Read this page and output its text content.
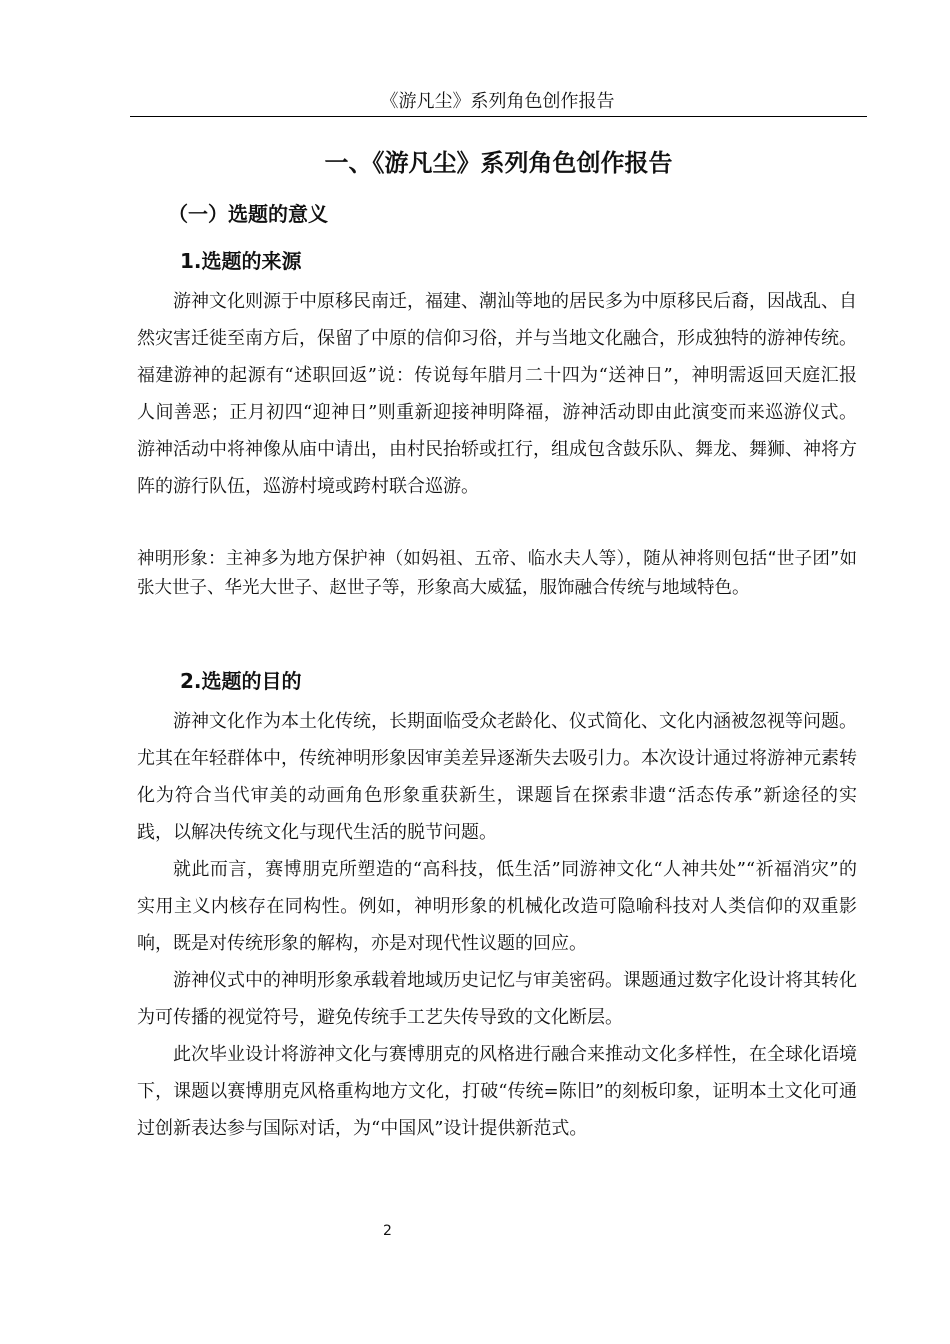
《游凡尘》系列角色创作报告
一、《游凡尘》系列角色创作报告
（一）选题的意义
1.选题的来源

游神文化则源于中原移民南迁，福建、潮汕等地的居民多为中原移民后裔，因战乱、自然灾害迁徙至南方后，保留了中原的信仰习俗，并与当地文化融合，形成独特的游神传统。福建游神的起源有“述职回返”说：传说每年腊月二十四为“送神日”，神明需返回天庭汇报人间善恶；正月初四“迎神日”则重新迎接神明降福，游神活动即由此演变而来巡游仪式。游神活动中将神像从庙中请出，由村民抬轿或扛行，组成包含鼓乐队、舞龙、舞狮、神将方阵的游行队伍，巡游村境或跨村联合巡游。

神明形象：主神多为地方保护神（如妈祖、五帝、临水夫人等），随从神将则包括“世子团”如张大世子、华光大世子、赵世子等，形象高大威猛，服饰融合传统与地域特色。

2.选题的目的

游神文化作为本土化传统，长期面临受众老龄化、仪式简化、文化内涵被忽视等问题。尤其在年轻群体中，传统神明形象因审美差异逐渐失去吸引力。本次设计通过将游神元素转化为符合当代审美的动画角色形象重获新生，课题旨在探索非遗“活态传承”新途径的实践，以解决传统文化与现代生活的脱节问题。

就此而言，赛博朋克所塑造的“高科技，低生活”同游神文化“人神共处”“祈福消灾”的实用主义内核存在同构性。例如，神明形象的机械化改造可隐喻科技对人类信仰的双重影响，既是对传统形象的解构，亦是对现代性议题的回应。

游神仪式中的神明形象承载着地域历史记忆与审美密码。课题通过数字化设计将其转化为可传播的视觉符号，避免传统手工艺失传导致的文化断层。

此次毕业设计将游神文化与赛博朋克的风格进行融合来推动文化多样性，在全球化语境下，课题以赛博朋克风格重构地方文化，打破“传统=陈旧”的刻板印象，证明本土文化可通过创新表达参与国际对话，为“中国风”设计提供新范式。

2
